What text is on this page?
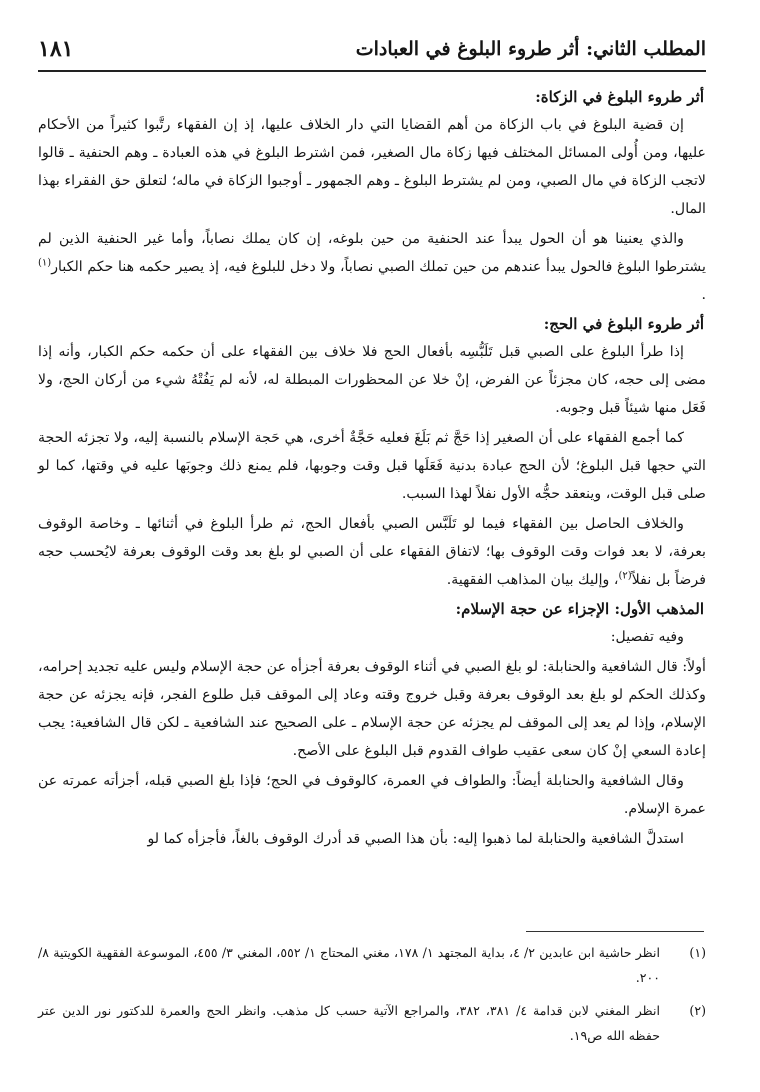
المطلب الثاني: أثر طروء البلوغ في العبادات
١٨١
أثر طروء البلوغ في الزكاة:

إن قضية البلوغ في باب الزكاة من أهم القضايا التي دار الخلاف عليها، إذ إن الفقهاء رتَّبوا كثيراً من الأحكام عليها، ومن أُولى المسائل المختلف فيها زكاة مال الصغير، فمن اشترط البلوغ في هذه العبادة ـ وهم الحنفية ـ قالوا لاتجب الزكاة في مال الصبي، ومن لم يشترط البلوغ ـ وهم الجمهور ـ أوجبوا الزكاة في ماله؛ لتعلق حق الفقراء بهذا المال.

والذي يعنينا هو أن الحول يبدأ عند الحنفية من حين بلوغه، إن كان يملك نصاباً، وأما غير الحنفية الذين لم يشترطوا البلوغ فالحول يبدأ عندهم من حين تملك الصبي نصاباً، ولا دخل للبلوغ فيه، إذ يصير حكمه هنا حكم الكبار$^{(١)}$ .

أثر طروء البلوغ في الحج:

إذا طرأ البلوغ على الصبي قبل تَلَبُّسِه بأفعال الحج فلا خلاف بين الفقهاء على أن حكمه حكم الكبار، وأنه إذا مضى إلى حجه، كان مجزئاً عن الفرض، إنْ خلا عن المحظورات المبطلة له، لأنه لم يَفُتْهُ شيء من أركان الحج، ولا فَعَل منها شيئاً قبل وجوبه.

كما أجمع الفقهاء على أن الصغير إذا حَجَّ ثم بَلَغَ فعليه حَجَّةٌ أخرى، هي حَجة الإسلام بالنسبة إليه، ولا تجزئه الحجة التي حجها قبل البلوغ؛ لأن الحج عبادة بدنية فَعَلَها قبل وقت وجوبها، فلم يمنع ذلك وجوبَها عليه في وقتها، كما لو صلى قبل الوقت، وينعقد حجُّه الأول نفلاً لهذا السبب.

والخلاف الحاصل بين الفقهاء فيما لو تَلَبَّس الصبي بأفعال الحج، ثم طرأ البلوغ في أثنائها ـ وخاصة الوقوف بعرفة، لا بعد فوات وقت الوقوف بها؛ لاتفاق الفقهاء على أن الصبي لو بلغ بعد وقت الوقوف بعرفة لايُحسب حجه فرضاً بل نفلاً$^{(٢)}$، وإليك بيان المذاهب الفقهية.

المذهب الأول: الإجزاء عن حجة الإسلام:

وفيه تفصيل:

أولاً: قال الشافعية والحنابلة: لو بلغ الصبي في أثناء الوقوف بعرفة أجزأه عن حجة الإسلام وليس عليه تجديد إحرامه، وكذلك الحكم لو بلغ بعد الوقوف بعرفة وقبل خروج وقته وعاد إلى الموقف قبل طلوع الفجر، فإنه يجزئه عن حجة الإسلام، وإذا لم يعد إلى الموقف لم يجزئه عن حجة الإسلام ـ على الصحيح عند الشافعية ـ لكن قال الشافعية: يجب إعادة السعي إنْ كان سعى عقيب طواف القدوم قبل البلوغ على الأصح.

وقال الشافعية والحنابلة أيضاً: والطواف في العمرة، كالوقوف في الحج؛ فإذا بلغ الصبي قبله، أجزأته عمرته عن عمرة الإسلام.

استدلَّ الشافعية والحنابلة لما ذهبوا إليه: بأن هذا الصبي قد أدرك الوقوف بالغاً، فأجزأه كما لو

(١)
انظر حاشية ابن عابدين ٢/ ٤، بداية المجتهد ١/ ١٧٨، مغني المحتاج ١/ ٥٥٢، المغني ٣/ ٤٥٥، الموسوعة الفقهية الكويتية ٨/ ٢٠٠.
(٢)
انظر المغني لابن قدامة ٤/ ٣٨١، ٣٨٢، والمراجع الآتية حسب كل مذهب. وانظر الحج والعمرة للدكتور نور الدين عتر حفظه الله ص١٩.
